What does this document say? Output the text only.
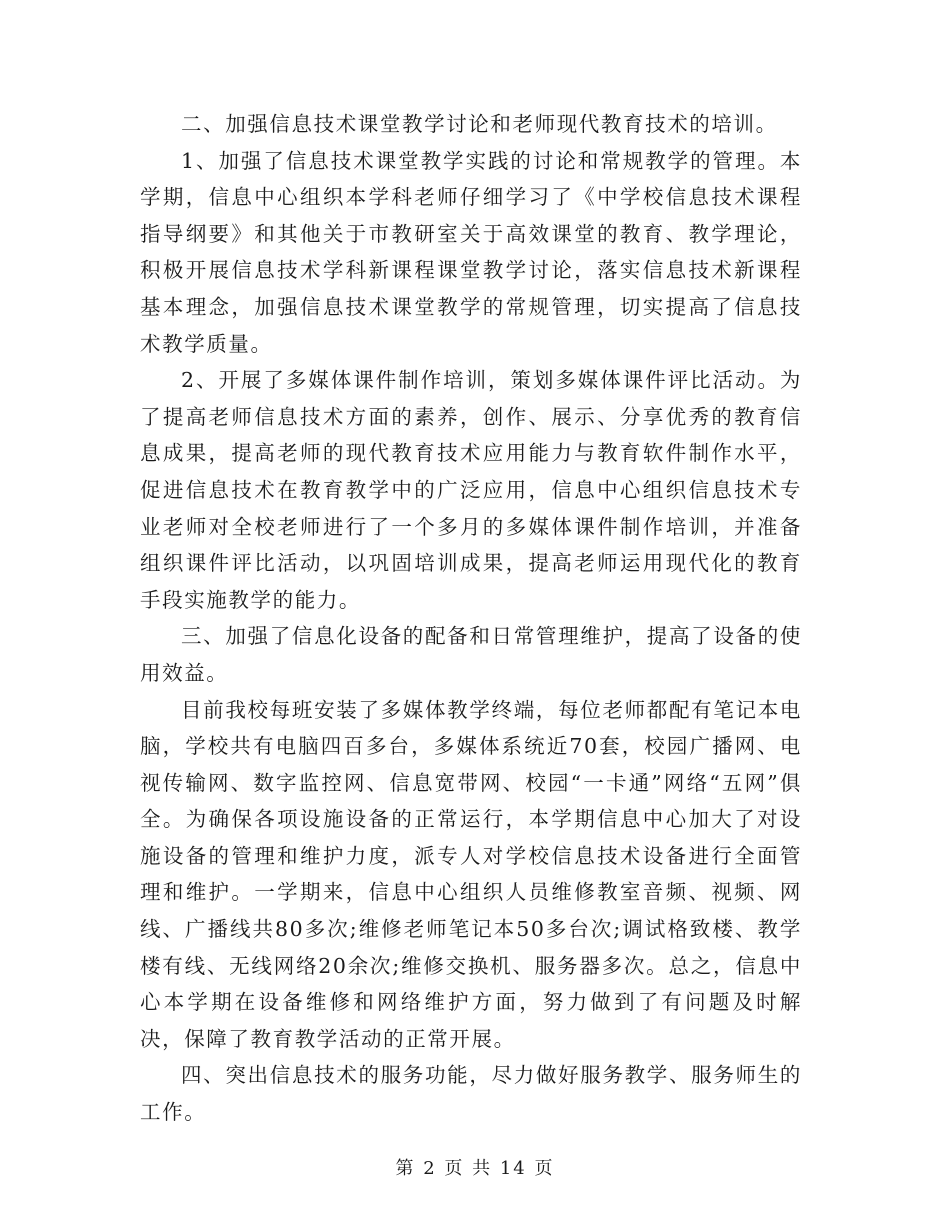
二、加强信息技术课堂教学讨论和老师现代教育技术的培训。

1、加强了信息技术课堂教学实践的讨论和常规教学的管理。本学期，信息中心组织本学科老师仔细学习了《中学校信息技术课程指导纲要》和其他关于市教研室关于高效课堂的教育、教学理论，积极开展信息技术学科新课程课堂教学讨论，落实信息技术新课程基本理念，加强信息技术课堂教学的常规管理，切实提高了信息技术教学质量。

2、开展了多媒体课件制作培训，策划多媒体课件评比活动。为了提高老师信息技术方面的素养，创作、展示、分享优秀的教育信息成果，提高老师的现代教育技术应用能力与教育软件制作水平，促进信息技术在教育教学中的广泛应用，信息中心组织信息技术专业老师对全校老师进行了一个多月的多媒体课件制作培训，并准备组织课件评比活动，以巩固培训成果，提高老师运用现代化的教育手段实施教学的能力。

三、加强了信息化设备的配备和日常管理维护，提高了设备的使用效益。

目前我校每班安装了多媒体教学终端，每位老师都配有笔记本电脑，学校共有电脑四百多台，多媒体系统近70套，校园广播网、电视传输网、数字监控网、信息宽带网、校园“一卡通”网络“五网”俱全。为确保各项设施设备的正常运行，本学期信息中心加大了对设施设备的管理和维护力度，派专人对学校信息技术设备进行全面管理和维护。一学期来，信息中心组织人员维修教室音频、视频、网线、广播线共80多次;维修老师笔记本50多台次;调试格致楼、教学楼有线、无线网络20余次;维修交换机、服务器多次。总之，信息中心本学期在设备维修和网络维护方面，努力做到了有问题及时解决，保障了教育教学活动的正常开展。

四、突出信息技术的服务功能，尽力做好服务教学、服务师生的工作。

第 2 页 共 14 页
